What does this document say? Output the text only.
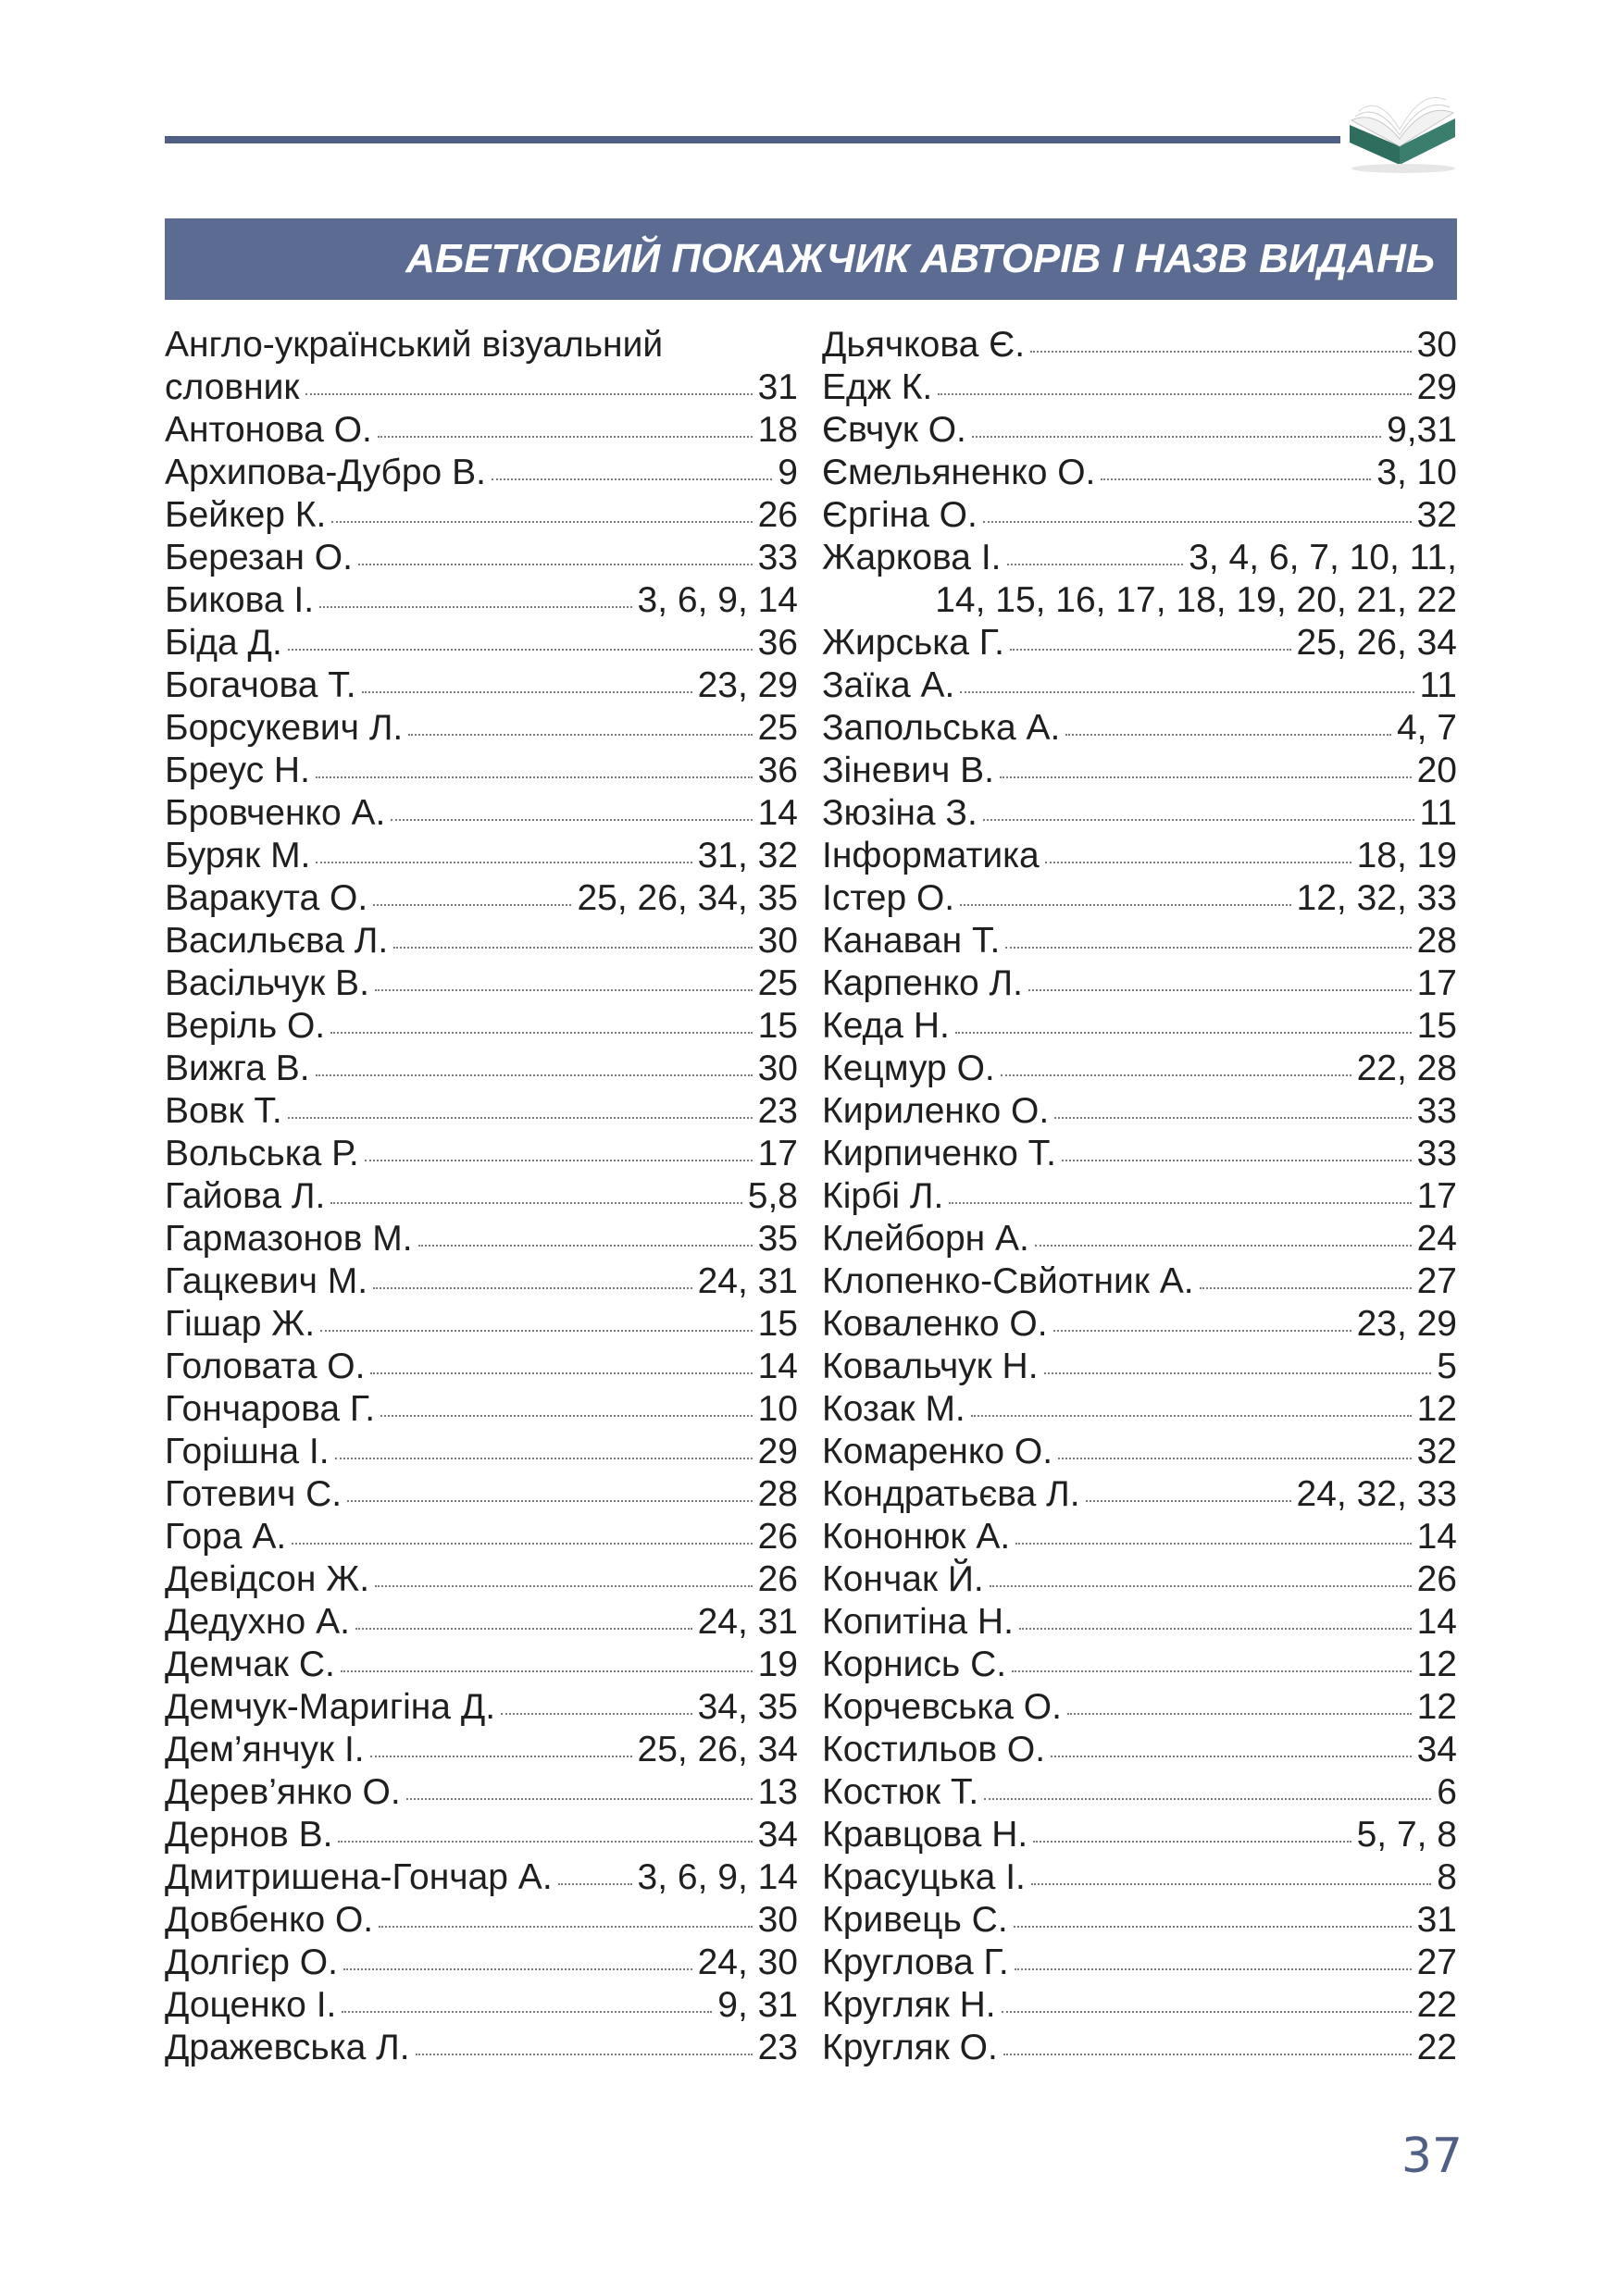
АБЕТКОВИЙ ПОКАЖЧИК АВТОРІВ І НАЗВ ВИДАНЬ
Англо-український візуальний
словник	31
Антонова О.	18
Архипова-Дубро В.	9
Бейкер К.	26
Березан О.	33
Бикова І.	3, 6, 9, 14
Біда Д.	36
Богачова Т.	23, 29
Борсукевич Л.	25
Бреус Н.	36
Бровченко А.	14
Буряк М.	31, 32
Варакута О.	25, 26, 34, 35
Васильєва Л.	30
Васільчук В.	25
Веріль О.	15
Вижга В.	30
Вовк Т.	23
Вольська Р.	17
Гайова Л.	5,8
Гармазонов М.	35
Гацкевич М.	24, 31
Гішар Ж.	15
Головата О.	14
Гончарова Г.	10
Горішна І.	29
Готевич С.	28
Гора А.	26
Девідсон Ж.	26
Дедухно А.	24, 31
Демчак С.	19
Демчук-Маригіна Д.	34, 35
Дем’янчук І.	25, 26, 34
Дерев’янко О.	13
Дернов В.	34
Дмитришена-Гончар А. 3, 6, 9, 14
Довбенко О.	30
Долгієр О.	24, 30
Доценко І.	9, 31
Дражевська Л.	23
Дьячкова Є.	30
Едж К.	29
Євчук О.	9,31
Ємельяненко О.	3, 10
Єргіна О.	32
Жаркова І.	3, 4, 6, 7, 10, 11,
14, 15, 16, 17, 18, 19, 20, 21, 22
Жирська Г.	25, 26, 34
Заїка А.	11
Запольська А.	4, 7
Зіневич В.	20
Зюзіна З.	11
Інформатика	18, 19
Істер О.	12, 32, 33
Канаван Т.	28
Карпенко Л.	17
Кеда Н.	15
Кецмур О.	22, 28
Кириленко О.	33
Кирпиченко Т.	33
Кірбі Л.	17
Клейборн А.	24
Клопенко-Свйотник А.	27
Коваленко О.	23, 29
Ковальчук Н.	5
Козак М.	12
Комаренко О.	32
Кондратьєва Л.	24, 32, 33
Кононюк А.	14
Кончак Й.	26
Копитіна Н.	14
Корнись С.	12
Корчевська О.	12
Костильов О.	34
Костюк Т.	6
Кравцова Н.	5, 7, 8
Красуцька І.	8
Кривець С.	31
Круглова Г.	27
Кругляк Н.	22
Кругляк О.	22
37
